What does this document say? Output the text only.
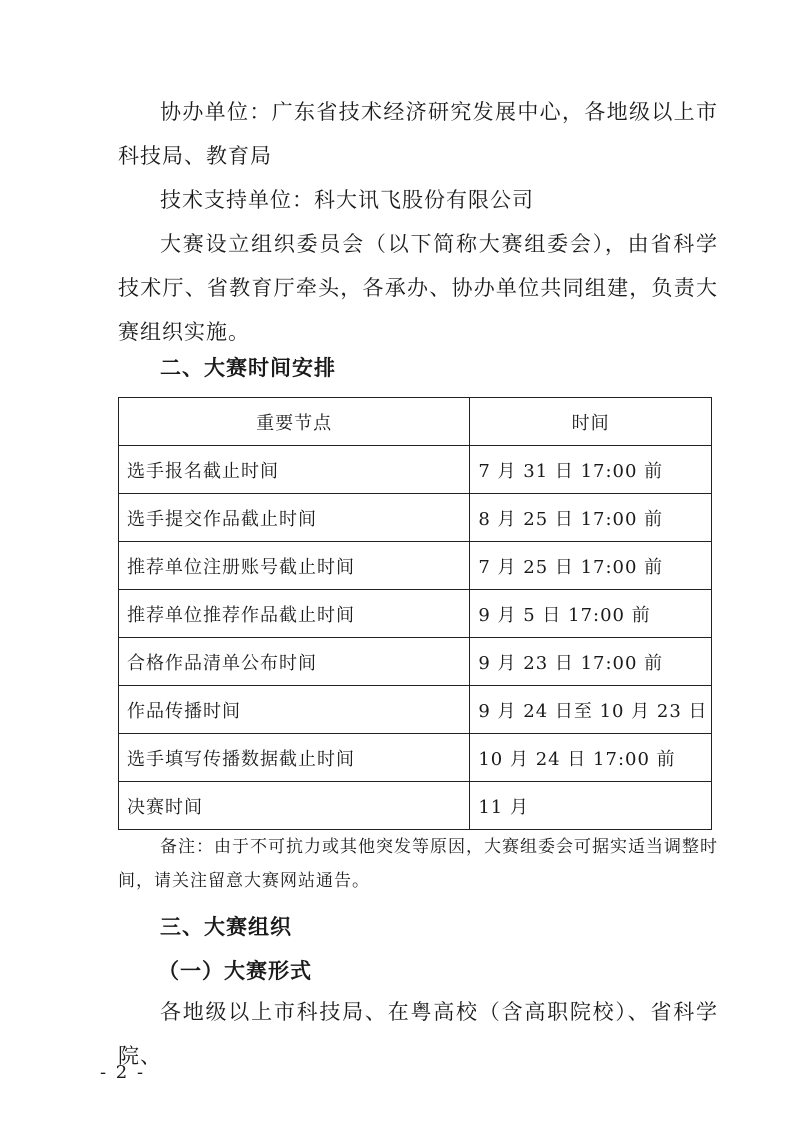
协办单位：广东省技术经济研究发展中心，各地级以上市科技局、教育局

技术支持单位：科大讯飞股份有限公司

大赛设立组织委员会（以下简称大赛组委会），由省科学技术厅、省教育厅牵头，各承办、协办单位共同组建，负责大赛组织实施。

二、大赛时间安排
重要节点	时间
选手报名截止时间	7 月 31 日 17:00 前
选手提交作品截止时间	8 月 25 日 17:00 前
推荐单位注册账号截止时间	7 月 25 日 17:00 前
推荐单位推荐作品截止时间	9 月 5 日 17:00 前
合格作品清单公布时间	9 月 23 日 17:00 前
作品传播时间	9 月 24 日至 10 月 23 日
选手填写传播数据截止时间	10 月 24 日 17:00 前
决赛时间	11 月

备注：由于不可抗力或其他突发等原因，大赛组委会可据实适当调整时间，请关注留意大赛网站通告。

三、大赛组织
（一）大赛形式

各地级以上市科技局、在粤高校（含高职院校）、省科学院、

- 2 -
